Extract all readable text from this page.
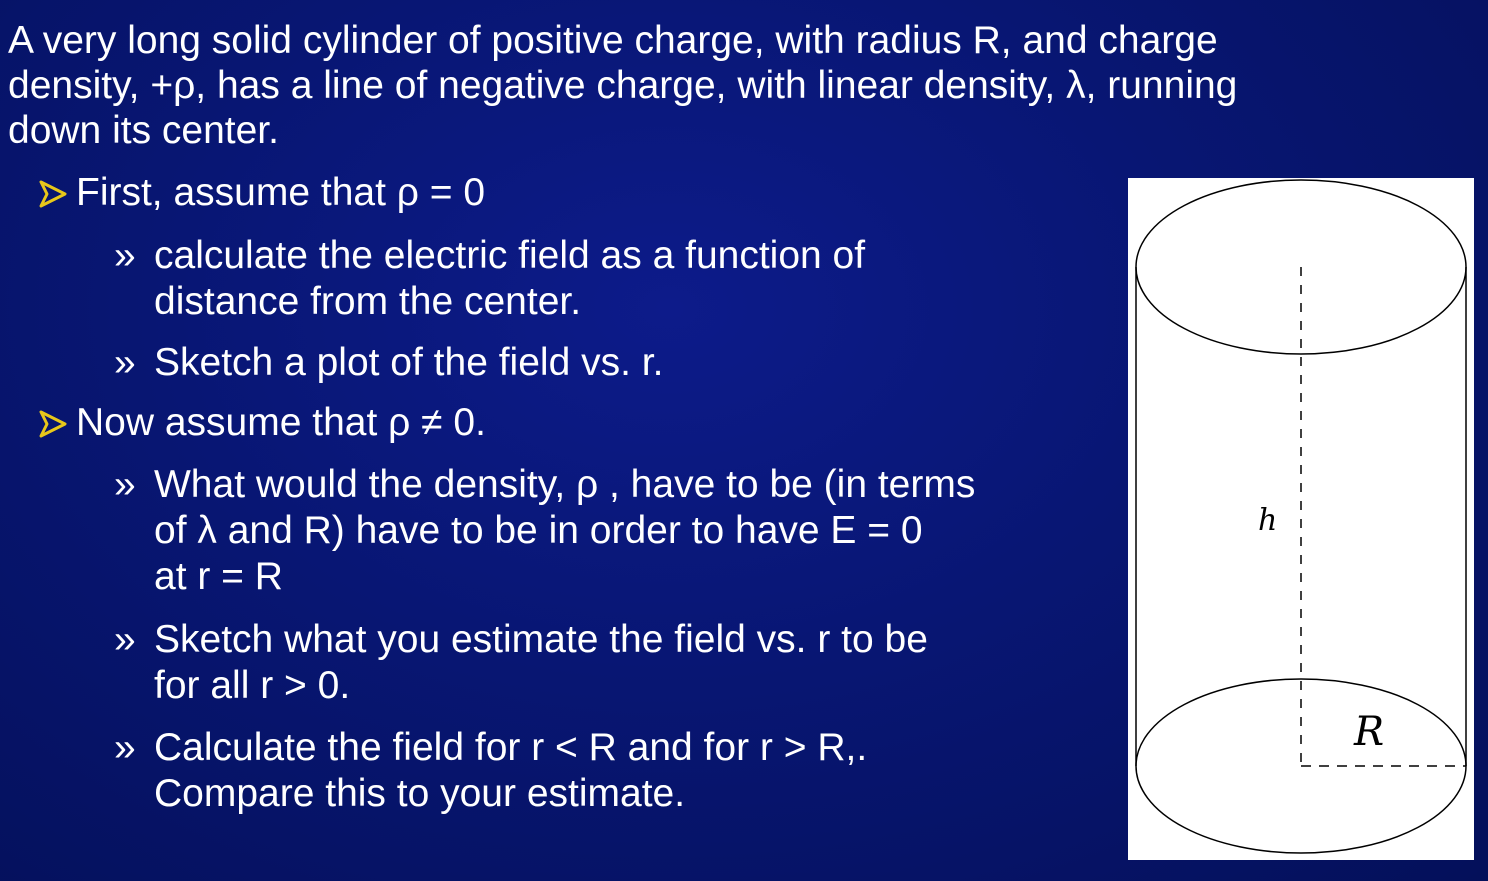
A very long solid cylinder of positive charge, with radius R, and charge
density, +ρ, has a line of negative charge, with linear density, λ, running
down its center.
First, assume that ρ = 0
» calculate the electric field as a function of
distance from the center.
» Sketch a plot of the field vs. r.
Now assume that ρ ≠ 0.
» What would the density, ρ , have to be (in terms
of λ and R) have to be in order to have E = 0
at r = R
» Sketch what you estimate the field vs. r to be
for all r > 0.
» Calculate the field for r < R and for r > R,.
Compare this to your estimate.
h
R
